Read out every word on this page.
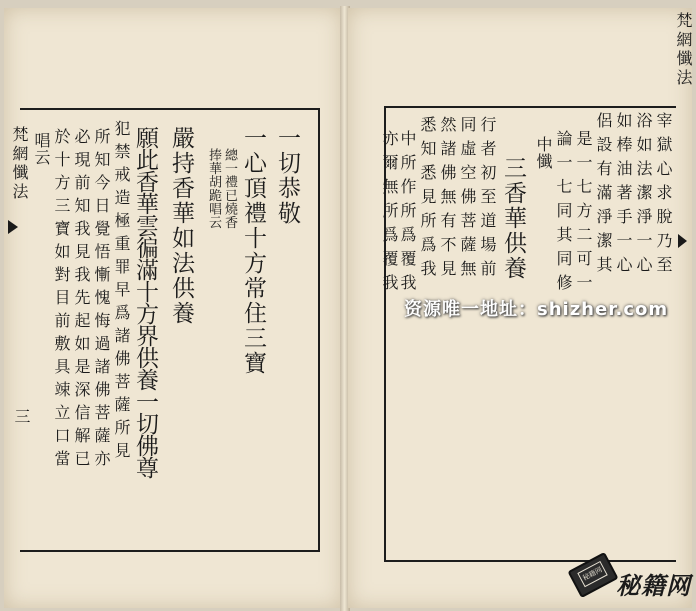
梵網懺法
三
一切恭敬
一心頂禮十方常住三寶
總一禮已燒香
捧華胡跪唱云
嚴持香華如法供養
願此香華雲徧滿十方界供養一切佛尊
犯禁戒造極重罪早爲諸佛菩薩所見
所知今日覺悟慚愧悔過諸佛菩薩亦
必現前知我見我先起如是深信解已
於十方三寶如對目前敷具竦立口當
唱云
梵網懺法
宰獄心求脫乃至
浴如法潔淨一心
如棒油著手一心
侶設有滿淨潔其
是一七方二可一
論一七同其同修
中懺
三香華供養
行者初至道場前
同虛空佛菩薩無
然諸佛無有不見
悉知悉見所爲我
中所作所爲覆我
亦爾無所爲覆我
资源唯一地址：shizher.com
秘籍网 秘籍网
